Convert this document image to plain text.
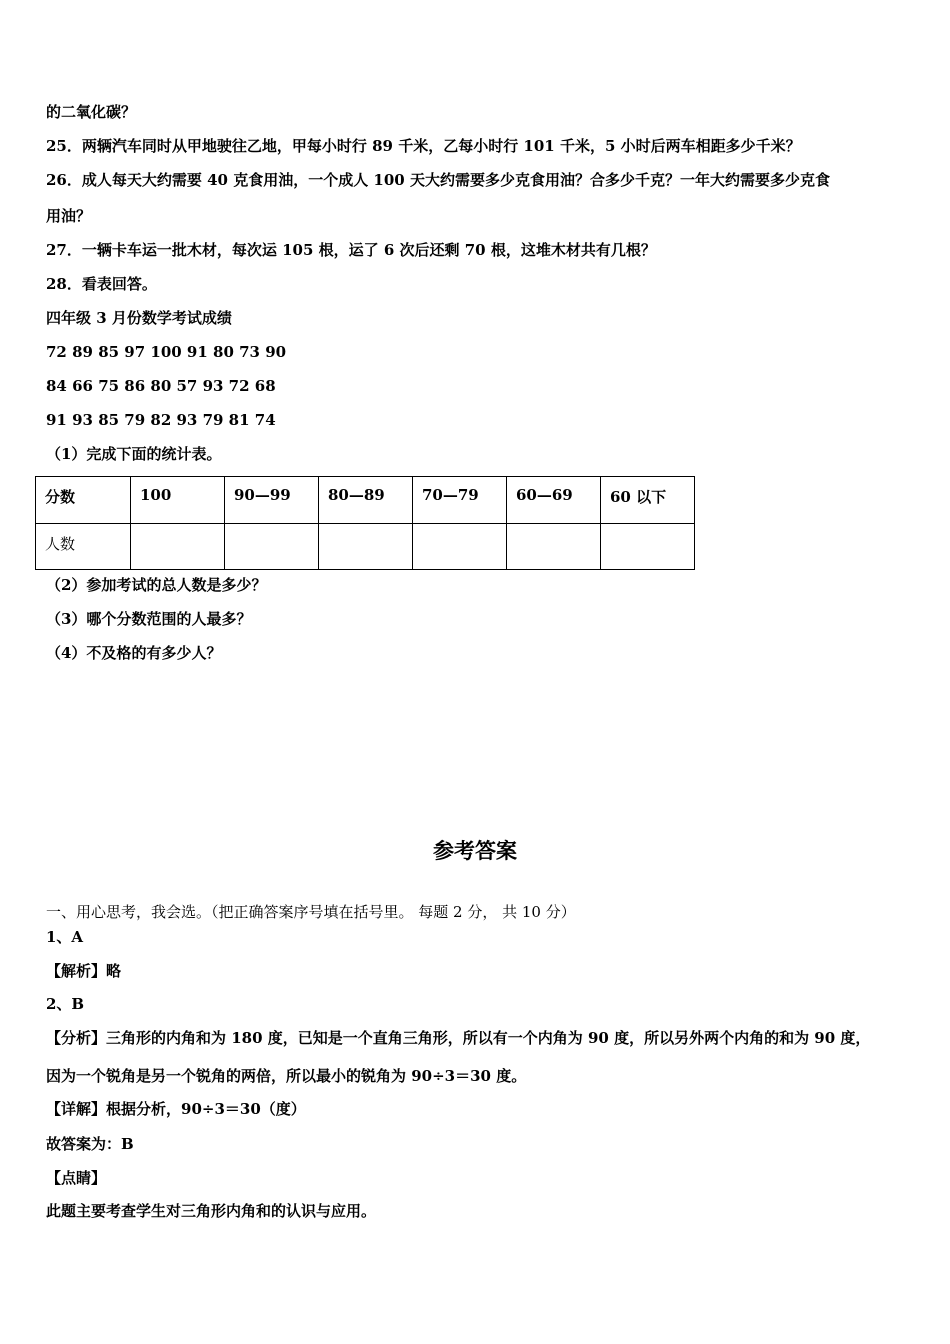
的二氧化碳？
25．两辆汽车同时从甲地驶往乙地，甲每小时行 89 千米，乙每小时行 101 千米，5 小时后两车相距多少千米？
26．成人每天大约需要 40 克食用油，一个成人 100 天大约需要多少克食用油？合多少千克？一年大约需要多少克食
用油？
27．一辆卡车运一批木材，每次运 105 根，运了 6 次后还剩 70 根，这堆木材共有几根？
28．看表回答。
四年级 3 月份数学考试成绩
72 89 85 97 100 91 80 73 90
84 66 75 86 80 57 93 72 68
91 93 85 79 82 93 79 81 74
（1）完成下面的统计表。
分数	100	90—99	80—89	70—79	60—69	60 以下
人数						
（2）参加考试的总人数是多少？
（3）哪个分数范围的人最多？
（4）不及格的有多少人？
参考答案
一、用心思考，我会选。（把正确答案序号填在括号里。 每题 2 分， 共 10 分）
1、A
【解析】略
2、B
【分析】三角形的内角和为 180 度，已知是一个直角三角形，所以有一个内角为 90 度，所以另外两个内角的和为 90 度，
因为一个锐角是另一个锐角的两倍，所以最小的锐角为 90÷3＝30 度。
【详解】根据分析，90÷3＝30（度）
故答案为：B
【点睛】
此题主要考查学生对三角形内角和的认识与应用。
